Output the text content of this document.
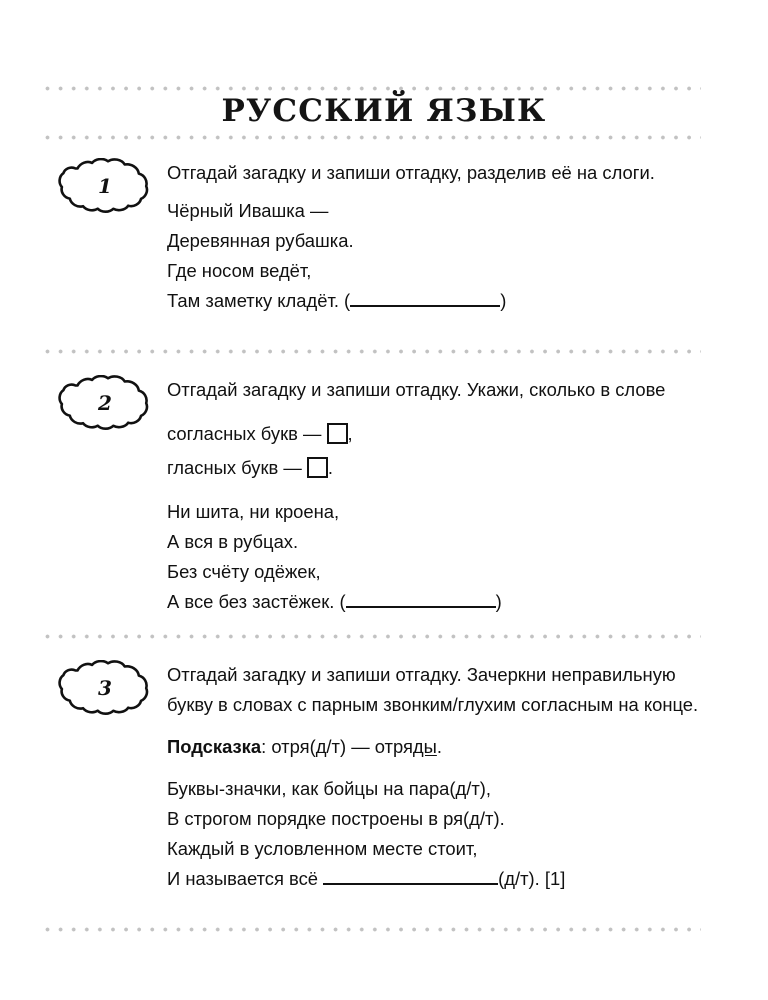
РУССКИЙ ЯЗЫК
1

Отгадай загадку и запиши отгадку, разделив её на слоги.

Чёрный Ивашка —

Деревянная рубашка.

Где носом ведёт,

Там заметку кладёт. (	)

2

Отгадай загадку и запиши отгадку. Укажи, сколько в слове

согласных букв — ,

гласных букв — .

Ни шита, ни кроена,

А вся в рубцах.

Без счёту одёжек,

А все без застёжек. (	)

3

Отгадай загадку и запиши отгадку. Зачеркни неправильную букву в словах с парным звонким/глухим согласным на конце.

Подсказка: отря(д/т) — отряды.

Буквы-значки, как бойцы на пара(д/т),

В строгом порядке построены в ря(д/т).

Каждый в условленном месте стоит,

И называется всё	(д/т). [1]
